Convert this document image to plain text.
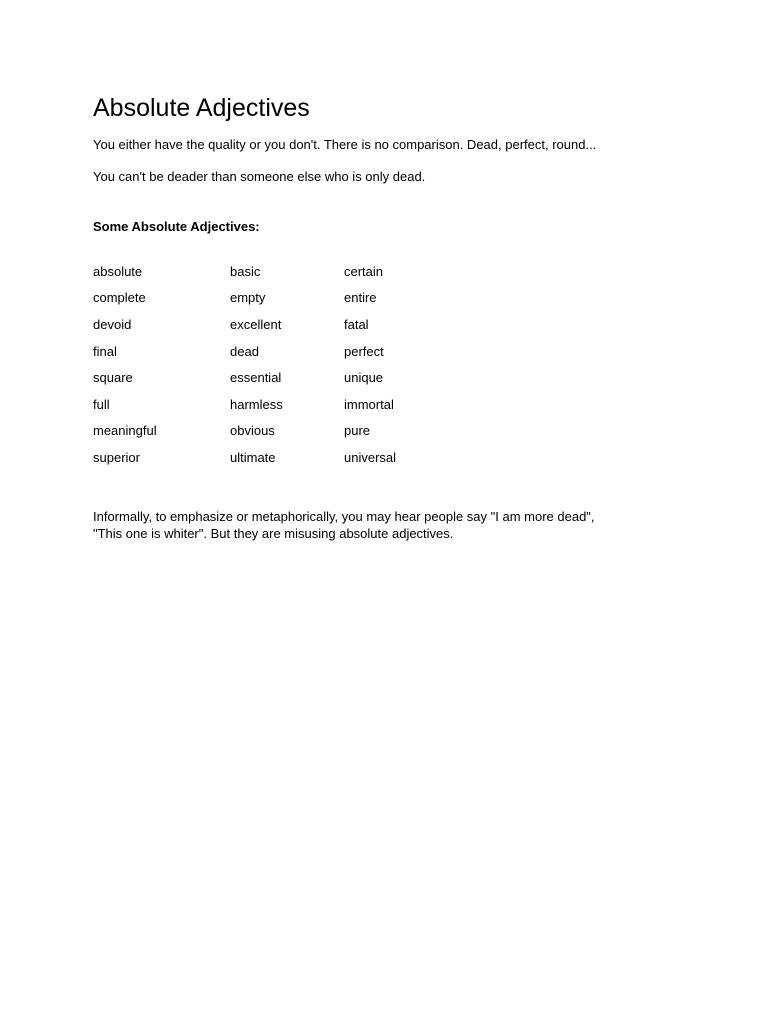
Absolute Adjectives

You either have the quality or you don't. There is no comparison. Dead, perfect, round...

You can't be deader than someone else who is only dead.

Some Absolute Adjectives:

absolute	basic	certain
complete	empty	entire
devoid	excellent	fatal
final	dead	perfect
square	essential	unique
full	harmless	immortal
meaningful	obvious	pure
superior	ultimate	universal

Informally, to emphasize or metaphorically, you may hear people say "I am more dead",
"This one is whiter". But they are misusing absolute adjectives.
